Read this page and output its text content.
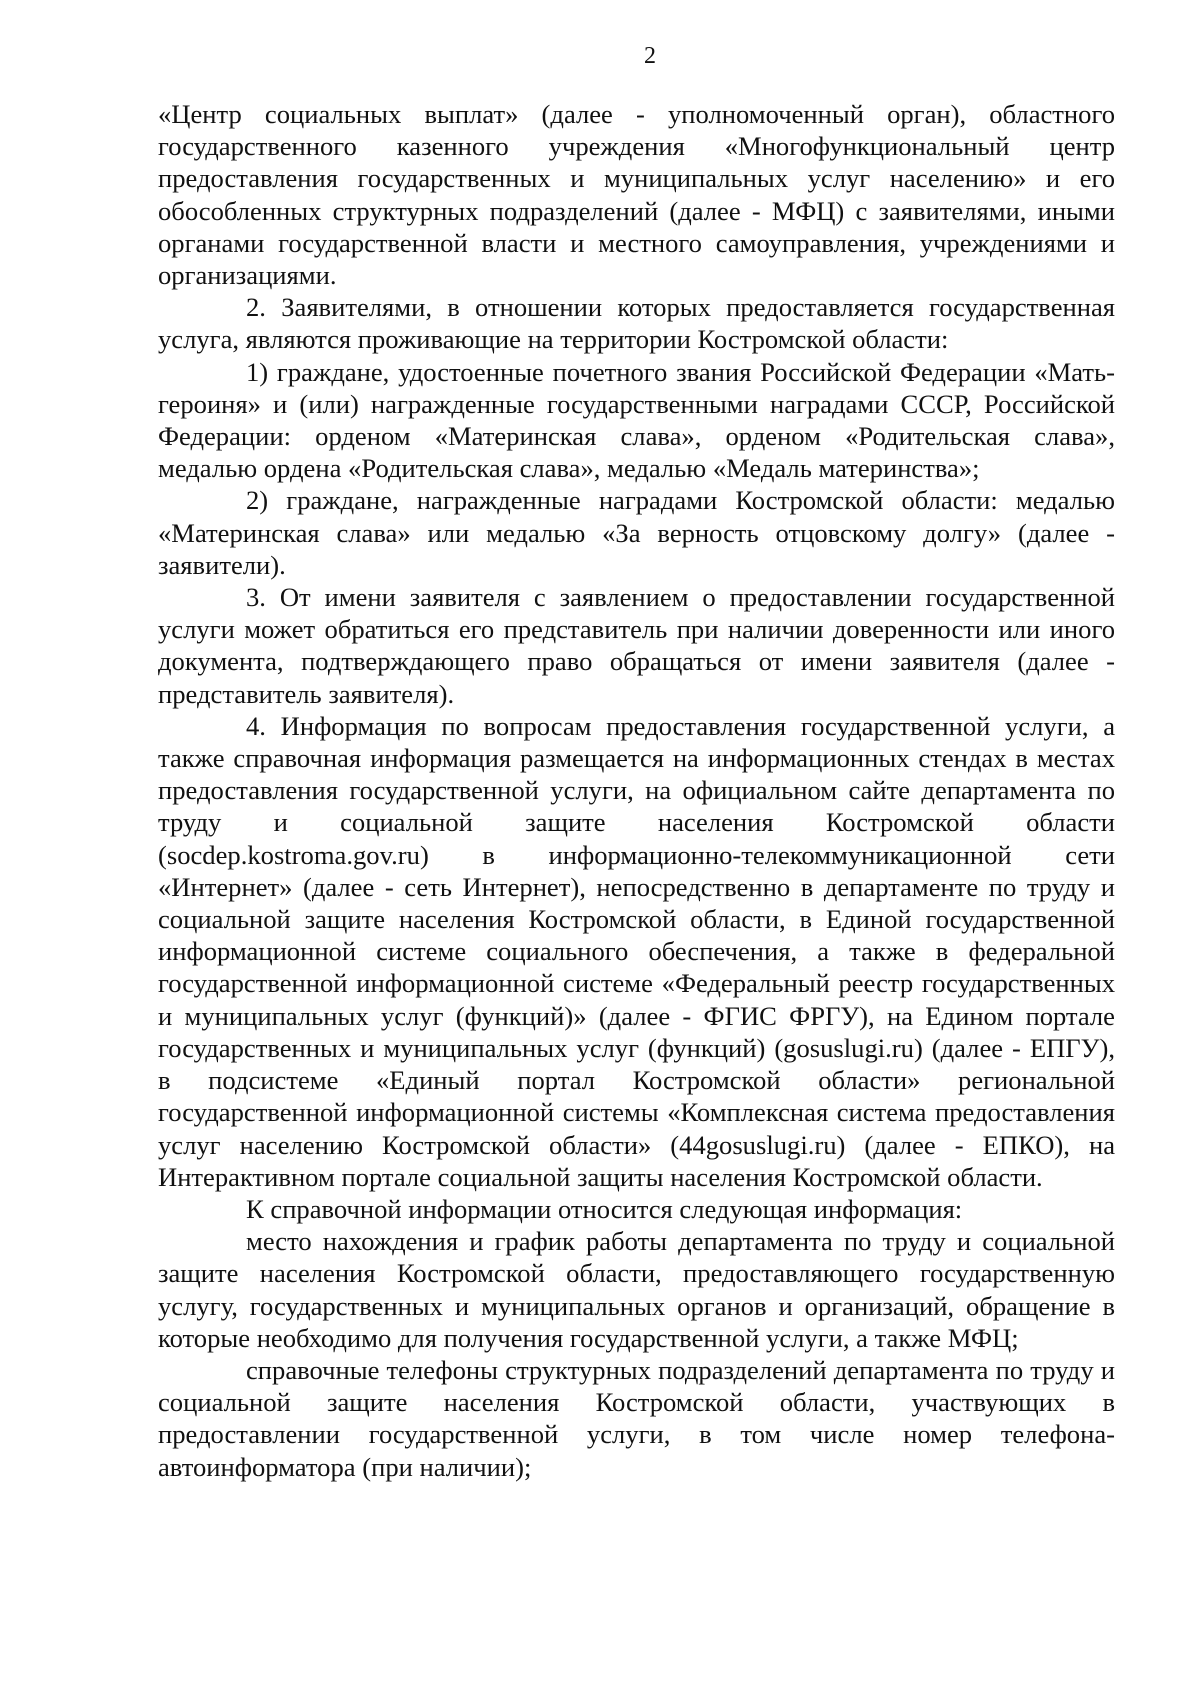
2

«Центр социальных выплат» (далее - уполномоченный орган), областного государственного казенного учреждения «Многофункциональный центр предоставления государственных и муниципальных услуг населению» и его обособленных структурных подразделений (далее - МФЦ) с заявителями, иными органами государственной власти и местного самоуправления, учреждениями и организациями.

2. Заявителями, в отношении которых предоставляется государственная услуга, являются проживающие на территории Костромской области:

1) граждане, удостоенные почетного звания Российской Федерации «Мать-героиня» и (или) награжденные государственными наградами СССР, Российской Федерации: орденом «Материнская слава», орденом «Родительская слава», медалью ордена «Родительская слава», медалью «Медаль материнства»;

2) граждане, награжденные наградами Костромской области: медалью «Материнская слава» или медалью «За верность отцовскому долгу» (далее - заявители).

3. От имени заявителя с заявлением о предоставлении государственной услуги может обратиться его представитель при наличии доверенности или иного документа, подтверждающего право обращаться от имени заявителя (далее - представитель заявителя).

4. Информация по вопросам предоставления государственной услуги, а также справочная информация размещается на информационных стендах в местах предоставления государственной услуги, на официальном сайте департамента по труду и социальной защите населения Костромской области (socdep.kostroma.gov.ru) в информационно-телекоммуникационной сети «Интернет» (далее - сеть Интернет), непосредственно в департаменте по труду и социальной защите населения Костромской области, в Единой государственной информационной системе социального обеспечения, а также в федеральной государственной информационной системе «Федеральный реестр государственных и муниципальных услуг (функций)» (далее - ФГИС ФРГУ), на Едином портале государственных и муниципальных услуг (функций) (gosuslugi.ru) (далее - ЕПГУ), в подсистеме «Единый портал Костромской области» региональной государственной информационной системы «Комплексная система предоставления услуг населению Костромской области» (44gosuslugi.ru) (далее - ЕПКО), на Интерактивном портале социальной защиты населения Костромской области.

К справочной информации относится следующая информация:

место нахождения и график работы департамента по труду и социальной защите населения Костромской области, предоставляющего государственную услугу, государственных и муниципальных органов и организаций, обращение в которые необходимо для получения государственной услуги, а также МФЦ;

справочные телефоны структурных подразделений департамента по труду и социальной защите населения Костромской области, участвующих в предоставлении государственной услуги, в том числе номер телефона-автоинформатора (при наличии);
